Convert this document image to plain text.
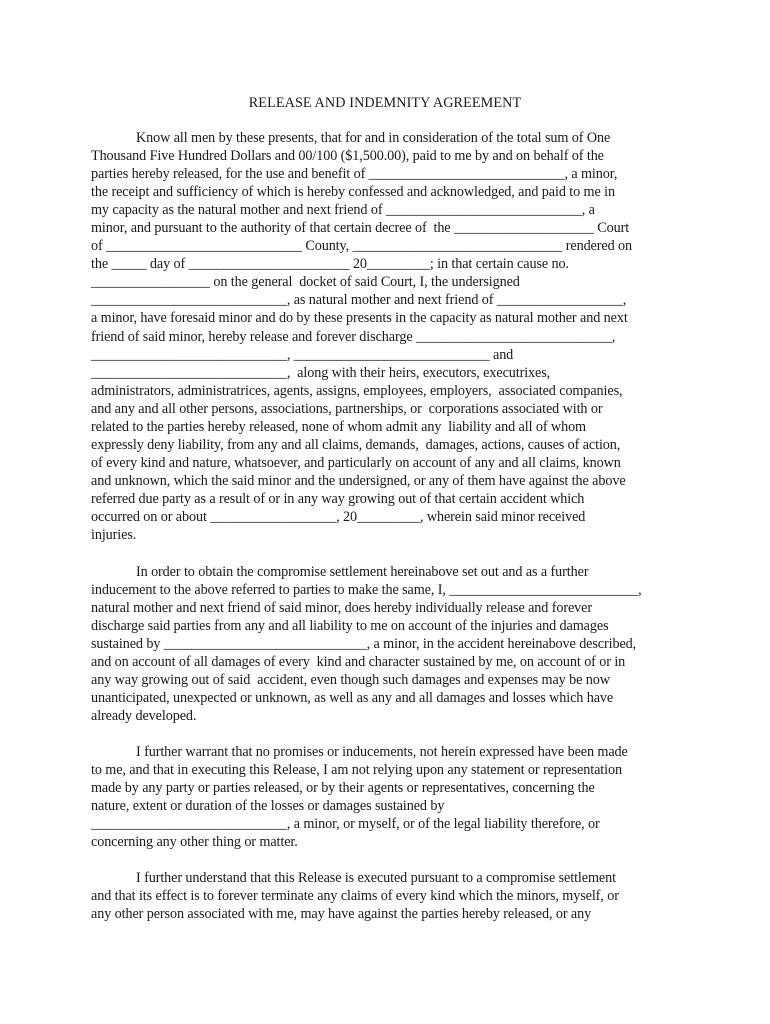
RELEASE AND INDEMNITY AGREEMENT
Know all men by these presents, that for and in consideration of the total sum of One
Thousand Five Hundred Dollars and 00/100 ($1,500.00), paid to me by and on behalf of the
parties hereby released, for the use and benefit of ____________________________, a minor,
the receipt and sufficiency of which is hereby confessed and acknowledged, and paid to me in
my capacity as the natural mother and next friend of ____________________________, a
minor, and pursuant to the authority of that certain decree of  the ____________________ Court
of ____________________________ County, ______________________________ rendered on
the _____ day of _______________________ 20_________; in that certain cause no.
_________________ on the general  docket of said Court, I, the undersigned
____________________________, as natural mother and next friend of __________________,
a minor, have foresaid minor and do by these presents in the capacity as natural mother and next
friend of said minor, hereby release and forever discharge ____________________________,
____________________________, ____________________________ and
____________________________,  along with their heirs, executors, executrixes,
administrators, administratrices, agents, assigns, employees, employers,  associated companies,
and any and all other persons, associations, partnerships, or  corporations associated with or
related to the parties hereby released, none of whom admit any  liability and all of whom
expressly deny liability, from any and all claims, demands,  damages, actions, causes of action,
of every kind and nature, whatsoever, and particularly on account of any and all claims, known
and unknown, which the said minor and the undersigned, or any of them have against the above
referred due party as a result of or in any way growing out of that certain accident which
occurred on or about __________________, 20_________, wherein said minor received
injuries.
In order to obtain the compromise settlement hereinabove set out and as a further
inducement to the above referred to parties to make the same, I, ___________________________,
natural mother and next friend of said minor, does hereby individually release and forever
discharge said parties from any and all liability to me on account of the injuries and damages
sustained by _____________________________, a minor, in the accident hereinabove described,
and on account of all damages of every  kind and character sustained by me, on account of or in
any way growing out of said  accident, even though such damages and expenses may be now
unanticipated, unexpected or unknown, as well as any and all damages and losses which have
already developed.
I further warrant that no promises or inducements, not herein expressed have been made
to me, and that in executing this Release, I am not relying upon any statement or representation
made by any party or parties released, or by their agents or representatives, concerning the
nature, extent or duration of the losses or damages sustained by
____________________________, a minor, or myself, or of the legal liability therefore, or
concerning any other thing or matter.
I further understand that this Release is executed pursuant to a compromise settlement
and that its effect is to forever terminate any claims of every kind which the minors, myself, or
any other person associated with me, may have against the parties hereby released, or any
